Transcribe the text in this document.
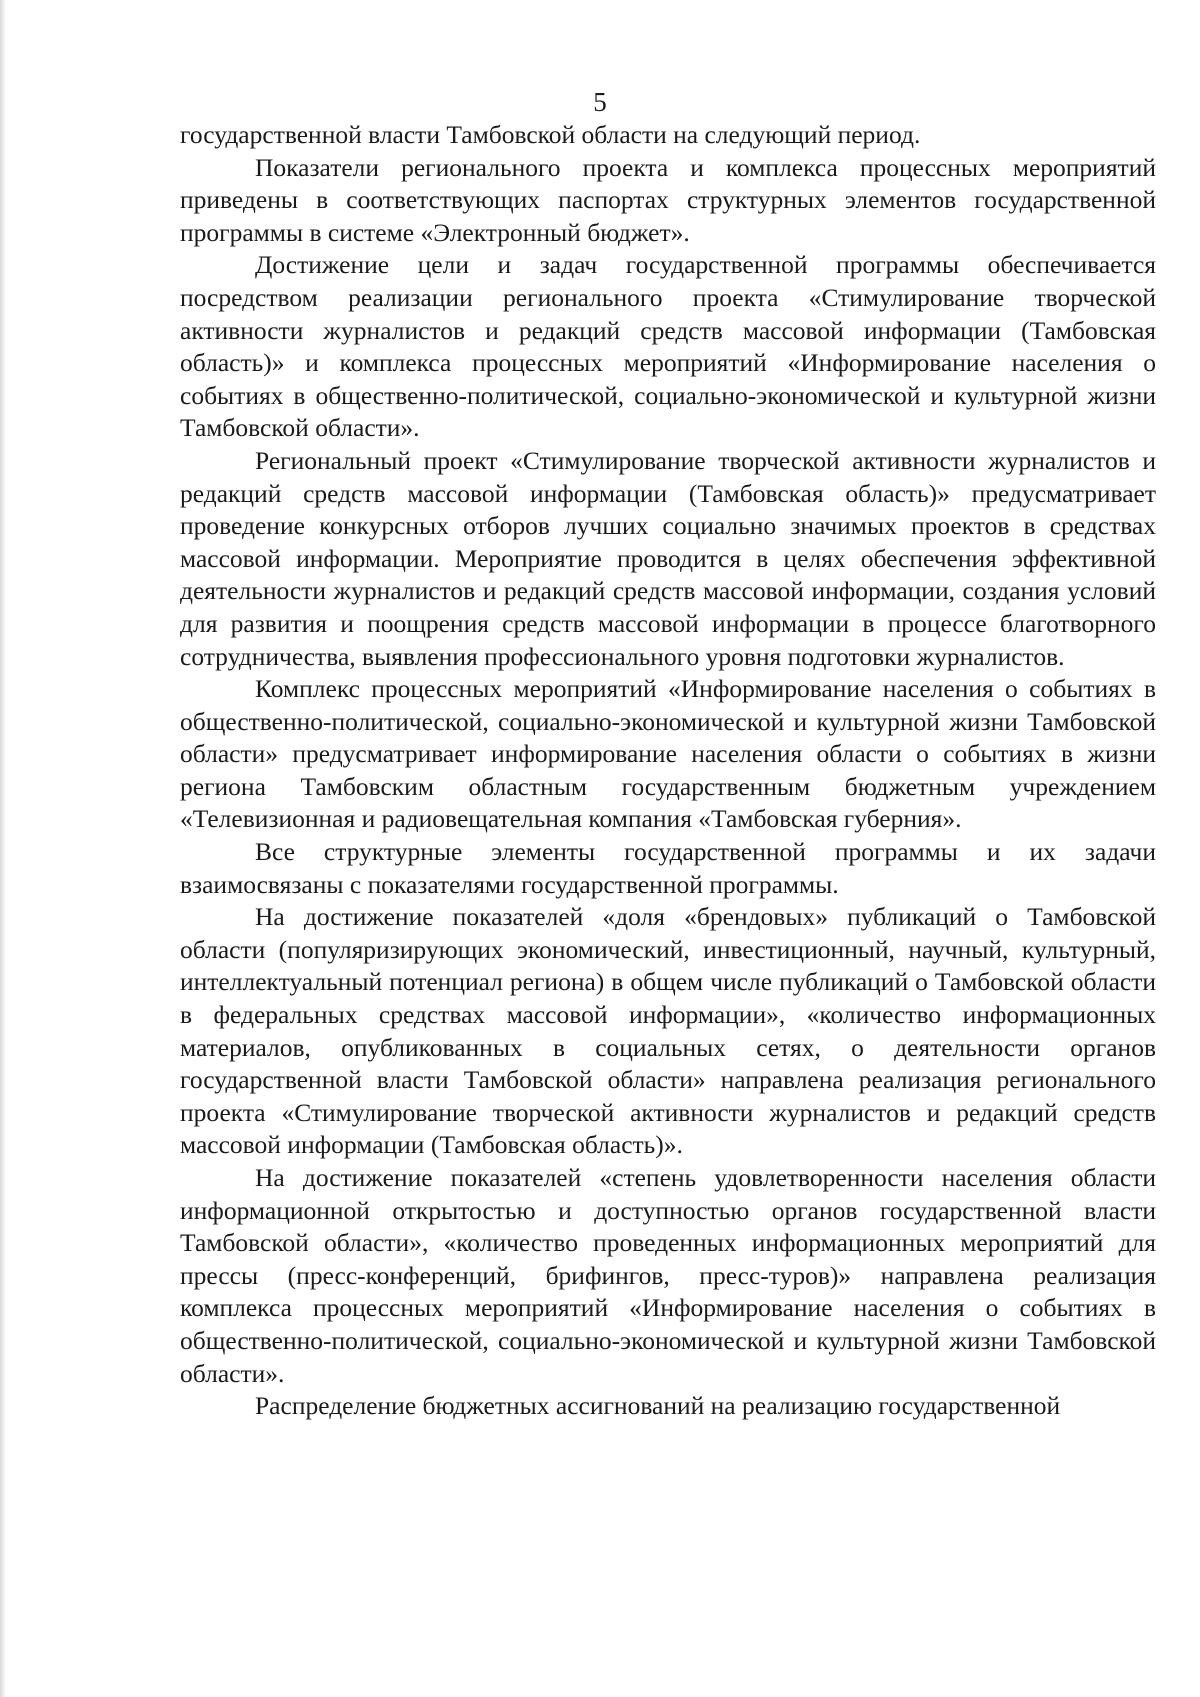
5

государственной власти Тамбовской области на следующий период.

Показатели регионального проекта и комплекса процессных мероприятий приведены в соответствующих паспортах структурных элементов государственной программы в системе «Электронный бюджет».

Достижение цели и задач государственной программы обеспечивается посредством реализации регионального проекта «Стимулирование творческой активности журналистов и редакций средств массовой информации (Тамбовская область)» и комплекса процессных мероприятий «Информирование населения о событиях в общественно-политической, социально-экономической и культурной жизни Тамбовской области».

Региональный проект «Стимулирование творческой активности журналистов и редакций средств массовой информации (Тамбовская область)» предусматривает проведение конкурсных отборов лучших социально значимых проектов в средствах массовой информации. Мероприятие проводится в целях обеспечения эффективной деятельности журналистов и редакций средств массовой информации, создания условий для развития и поощрения средств массовой информации в процессе благотворного сотрудничества, выявления профессионального уровня подготовки журналистов.

Комплекс процессных мероприятий «Информирование населения о событиях в общественно-политической, социально-экономической и культурной жизни Тамбовской области» предусматривает информирование населения области о событиях в жизни региона Тамбовским областным государственным бюджетным учреждением «Телевизионная и радиовещательная компания «Тамбовская губерния».

Все структурные элементы государственной программы и их задачи взаимосвязаны с показателями государственной программы.

На достижение показателей «доля «брендовых» публикаций о Тамбовской области (популяризирующих экономический, инвестиционный, научный, культурный, интеллектуальный потенциал региона) в общем числе публикаций о Тамбовской области в федеральных средствах массовой информации», «количество информационных материалов, опубликованных в социальных сетях, о деятельности органов государственной власти Тамбовской области» направлена реализация регионального проекта «Стимулирование творческой активности журналистов и редакций средств массовой информации (Тамбовская область)».

На достижение показателей «степень удовлетворенности населения области информационной открытостью и доступностью органов государственной власти Тамбовской области», «количество проведенных информационных мероприятий для прессы (пресс-конференций, брифингов, пресс-туров)» направлена реализация комплекса процессных мероприятий «Информирование населения о событиях в общественно-политической, социально-экономической и культурной жизни Тамбовской области».

Распределение бюджетных ассигнований на реализацию государственной
